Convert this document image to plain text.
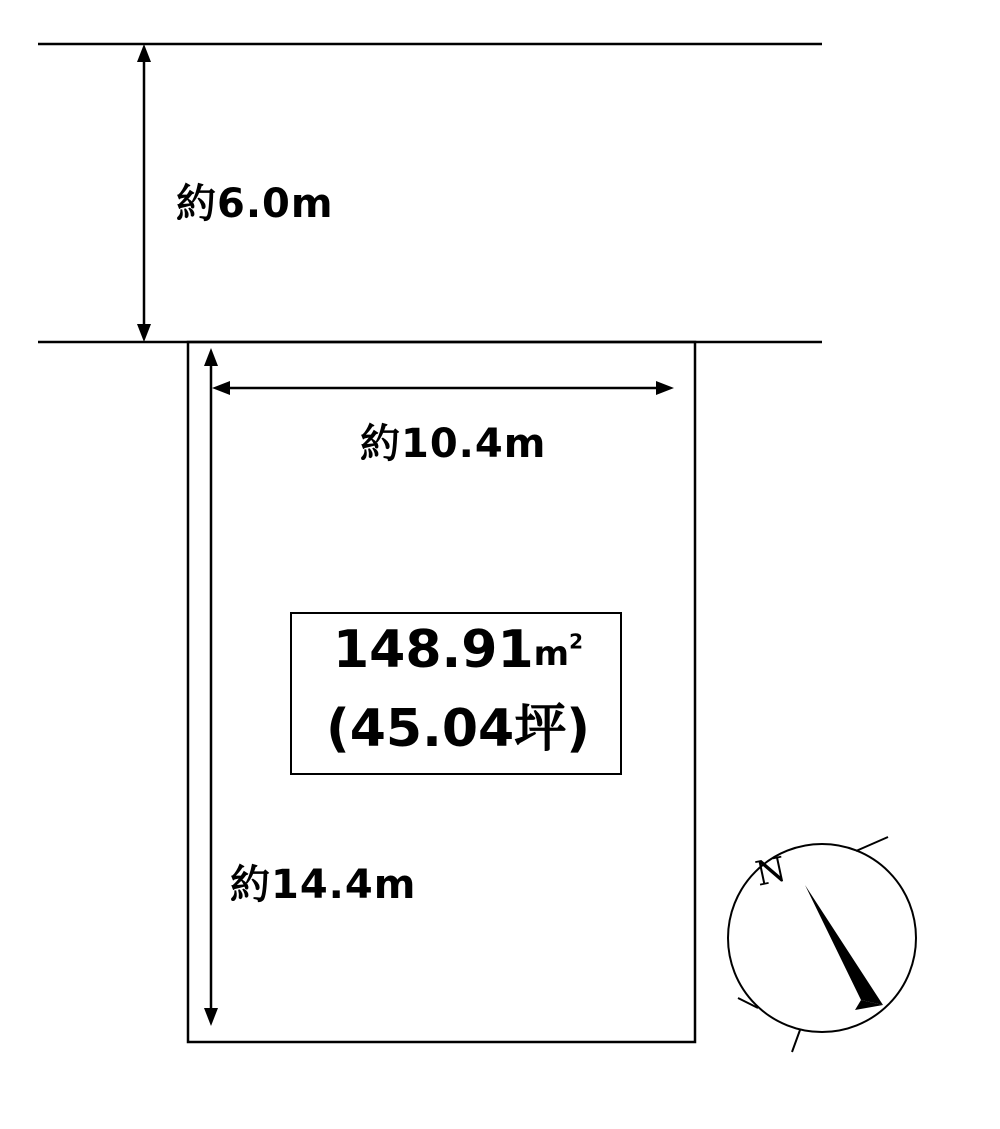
約6.0m
約10.4m
約14.4m
$148.91m^2$
(45.04坪)
N
